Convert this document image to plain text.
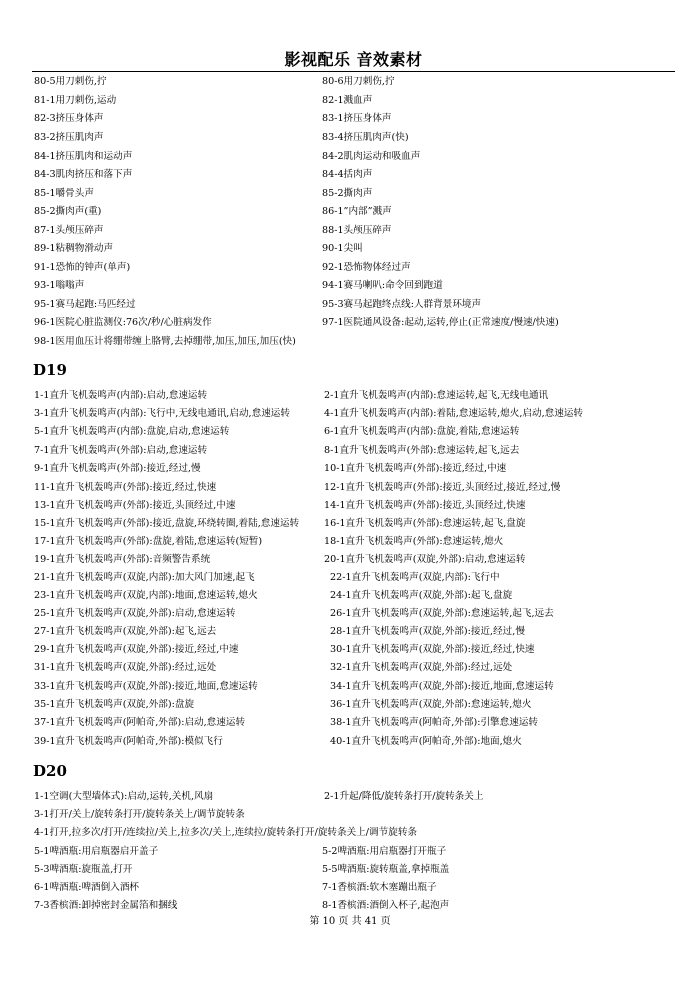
影视配乐 音效素材
80-5用刀刺伤,拧	80-6用刀刺伤,拧
81-1用刀刺伤,运动	82-1溅血声
82-3挤压身体声	83-1挤压身体声
83-2挤压肌肉声	83-4挤压肌肉声(快)
84-1挤压肌肉和运动声	84-2肌肉运动和吸血声
84-3肌肉挤压和落下声	84-4括肉声
85-1嚼骨头声	85-2撕肉声
85-2撕肉声(重)	86-1”内部”溅声
87-1头颅压碎声	88-1头颅压碎声
89-1粘稠物滑动声	90-1尖叫
91-1恐怖的钟声(单声)	92-1恐怖物体经过声
93-1嗡嗡声	94-1赛马喇叭:命令回到跑道
95-1赛马起跑:马匹经过	95-3赛马起跑终点线:人群背景环境声
96-1医院心脏监测仪:76次/秒/心脏病发作	97-1医院通风设备:起动,运转,停止(正常速度/慢速/快速)
98-1医用血压计将绷带缠上胳臂,去掉绷带,加压,加压,加压(快)
D19
1-1直升飞机轰鸣声(内部):启动,怠速运转	2-1直升飞机轰鸣声(内部):怠速运转,起飞,无线电通讯
3-1直升飞机轰鸣声(内部):飞行中,无线电通讯,启动,怠速运转	4-1直升飞机轰鸣声(内部):着陆,怠速运转,熄火,启动,怠速运转
5-1直升飞机轰鸣声(内部):盘旋,启动,怠速运转	6-1直升飞机轰鸣声(内部):盘旋,着陆,怠速运转
7-1直升飞机轰鸣声(外部):启动,怠速运转	8-1直升飞机轰鸣声(外部):怠速运转,起飞,远去
9-1直升飞机轰鸣声(外部):接近,经过,慢	10-1直升飞机轰鸣声(外部):接近,经过,中速
11-1直升飞机轰鸣声(外部):接近,经过,快速	12-1直升飞机轰鸣声(外部):接近,头顶经过,接近,经过,慢
13-1直升飞机轰鸣声(外部):接近,头顶经过,中速	14-1直升飞机轰鸣声(外部):接近,头顶经过,快速
15-1直升飞机轰鸣声(外部):接近,盘旋,环绕转圈,着陆,怠速运转	16-1直升飞机轰鸣声(外部):怠速运转,起飞,盘旋
17-1直升飞机轰鸣声(外部):盘旋,着陆,怠速运转(短暂)	18-1直升飞机轰鸣声(外部):怠速运转,熄火
19-1直升飞机轰鸣声(外部):音频警告系统	20-1直升飞机轰鸣声(双旋,外部):启动,怠速运转
21-1直升飞机轰鸣声(双旋,内部):加大风门加速,起飞	22-1直升飞机轰鸣声(双旋,内部):飞行中
23-1直升飞机轰鸣声(双旋,内部):地面,怠速运转,熄火	24-1直升飞机轰鸣声(双旋,外部):起飞,盘旋
25-1直升飞机轰鸣声(双旋,外部):启动,怠速运转	26-1直升飞机轰鸣声(双旋,外部):怠速运转,起飞,远去
27-1直升飞机轰鸣声(双旋,外部):起飞,远去	28-1直升飞机轰鸣声(双旋,外部):接近,经过,慢
29-1直升飞机轰鸣声(双旋,外部):接近,经过,中速	30-1直升飞机轰鸣声(双旋,外部):接近,经过,快速
31-1直升飞机轰鸣声(双旋,外部):经过,远处	32-1直升飞机轰鸣声(双旋,外部):经过,远处
33-1直升飞机轰鸣声(双旋,外部):接近,地面,怠速运转	34-1直升飞机轰鸣声(双旋,外部):接近,地面,怠速运转
35-1直升飞机轰鸣声(双旋,外部):盘旋	36-1直升飞机轰鸣声(双旋,外部):怠速运转,熄火
37-1直升飞机轰鸣声(阿帕奇,外部):启动,怠速运转	38-1直升飞机轰鸣声(阿帕奇,外部):引擎怠速运转
39-1直升飞机轰鸣声(阿帕奇,外部):模似飞行	40-1直升飞机轰鸣声(阿帕奇,外部):地面,熄火
D20
1-1空调(大型墙体式):启动,运转,关机,风扇	2-1升起/降低/旋转条打开/旋转条关上
3-1打开/关上/旋转条打开/旋转条关上/调节旋转条
4-1打开,拉多次/打开/连续拉/关上,拉多次/关上,连续拉/旋转条打开/旋转条关上/调节旋转条
5-1啤酒瓶:用启瓶器启开盖子	5-2啤酒瓶:用启瓶器打开瓶子
5-3啤酒瓶:旋瓶盖,打开	5-5啤酒瓶:旋转瓶盖,拿掉瓶盖
6-1啤酒瓶:啤酒倒入酒杯	7-1香槟酒:软木塞蹦出瓶子
7-3香槟酒:卸掉密封金属箔和捆线	8-1香槟酒:酒倒入杯子,起泡声
第 10 页 共 41 页
